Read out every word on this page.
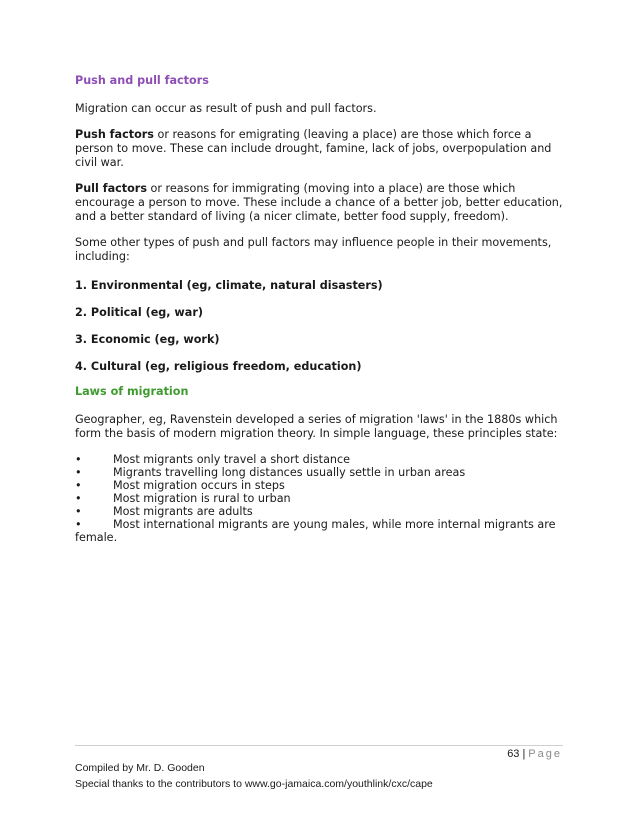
Push and pull factors

Migration can occur as result of push and pull factors.

Push factors or reasons for emigrating (leaving a place) are those which force a person to move. These can include drought, famine, lack of jobs, overpopulation and civil war.

Pull factors or reasons for immigrating (moving into a place) are those which encourage a person to move. These include a chance of a better job, better education, and a better standard of living (a nicer climate, better food supply, freedom).

Some other types of push and pull factors may influence people in their movements, including:

1. Environmental (eg, climate, natural disasters)
2. Political (eg, war)
3. Economic (eg, work)
4. Cultural (eg, religious freedom, education)
Laws of migration

Geographer, eg, Ravenstein developed a series of migration 'laws' in the 1880s which form the basis of modern migration theory. In simple language, these principles state:

•	Most migrants only travel a short distance
•	Migrants travelling long distances usually settle in urban areas
•	Most migration occurs in steps
•	Most migration is rural to urban
•	Most migrants are adults
•	Most international migrants are young males, while more internal migrants are female.
63 | Page
Compiled by Mr. D. Gooden
Special thanks to the contributors to www.go-jamaica.com/youthlink/cxc/cape
